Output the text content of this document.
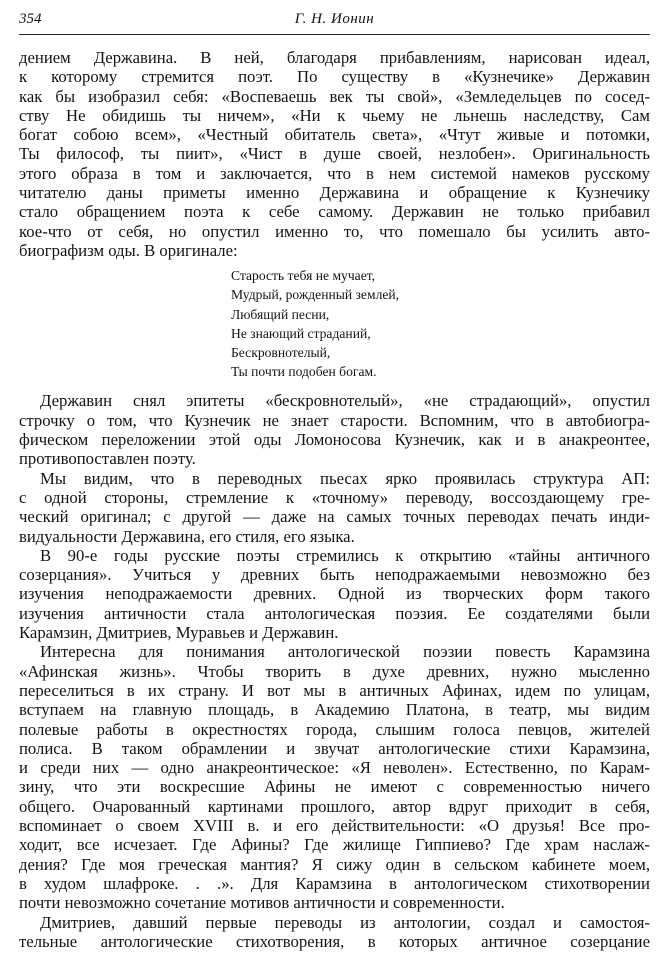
354	Г. Н. Ионин
дением Державина. В ней, благодаря прибавлениям, нарисован идеал,
к которому стремится поэт. По существу в «Кузнечике» Державин
как бы изобразил себя: «Воспеваешь век ты свой», «Земледельцев по сосед-
ству Не обидишь ты ничем», «Ни к чьему не льнешь наследству, Сам
богат собою всем», «Честный обитатель света», «Чтут живые и потомки,
Ты философ, ты пиит», «Чист в душе своей, незлобен». Оригинальность
этого образа в том и заключается, что в нем системой намеков русскому
читателю даны приметы именно Державина и обращение к Кузнечику
стало обращением поэта к себе самому. Державин не только прибавил
кое-что от себя, но опустил именно то, что помешало бы усилить авто-
биографизм оды. В оригинале:
Старость тебя не мучает,
Мудрый, рожденный землей,
Любящий песни,
Не знающий страданий,
Бескровнотелый,
Ты почти подобен богам.
Державин снял эпитеты «бескровнотелый», «не страдающий», опустил
строчку о том, что Кузнечик не знает старости. Вспомним, что в автобиогра-
фическом переложении этой оды Ломоносова Кузнечик, как и в анакреонтее,
противопоставлен поэту.
Мы видим, что в переводных пьесах ярко проявилась структура АП:
с одной стороны, стремление к «точному» переводу, воссоздающему гре-
ческий оригинал; с другой — даже на самых точных переводах печать инди-
видуальности Державина, его стиля, его языка.
В 90-е годы русские поэты стремились к открытию «тайны античного
созерцания». Учиться у древних быть неподражаемыми невозможно без
изучения неподражаемости древних. Одной из творческих форм такого
изучения античности стала антологическая поэзия. Ее создателями были
Карамзин, Дмитриев, Муравьев и Державин.
Интересна для понимания антологической поэзии повесть Карамзина
«Афинская жизнь». Чтобы творить в духе древних, нужно мысленно
переселиться в их страну. И вот мы в античных Афинах, идем по улицам,
вступаем на главную площадь, в Академию Платона, в театр, мы видим
полевые работы в окрестностях города, слышим голоса певцов, жителей
полиса. В таком обрамлении и звучат антологические стихи Карамзина,
и среди них — одно анакреонтическое: «Я неволен». Естественно, по Карам-
зину, что эти воскресшие Афины не имеют с современностью ничего
общего. Очарованный картинами прошлого, автор вдруг приходит в себя,
вспоминает о своем XVIII в. и его действительности: «О друзья! Все про-
ходит, все исчезает. Где Афины? Где жилище Гиппиево? Где храм наслаж-
дения? Где моя греческая мантия? Я сижу один в сельском кабинете моем,
в худом шлафроке. . .». Для Карамзина в антологическом стихотворении
почти невозможно сочетание мотивов античности и современности.
Дмитриев, давший первые переводы из антологии, создал и самостоя-
тельные антологические стихотворения, в которых античное созерцание
